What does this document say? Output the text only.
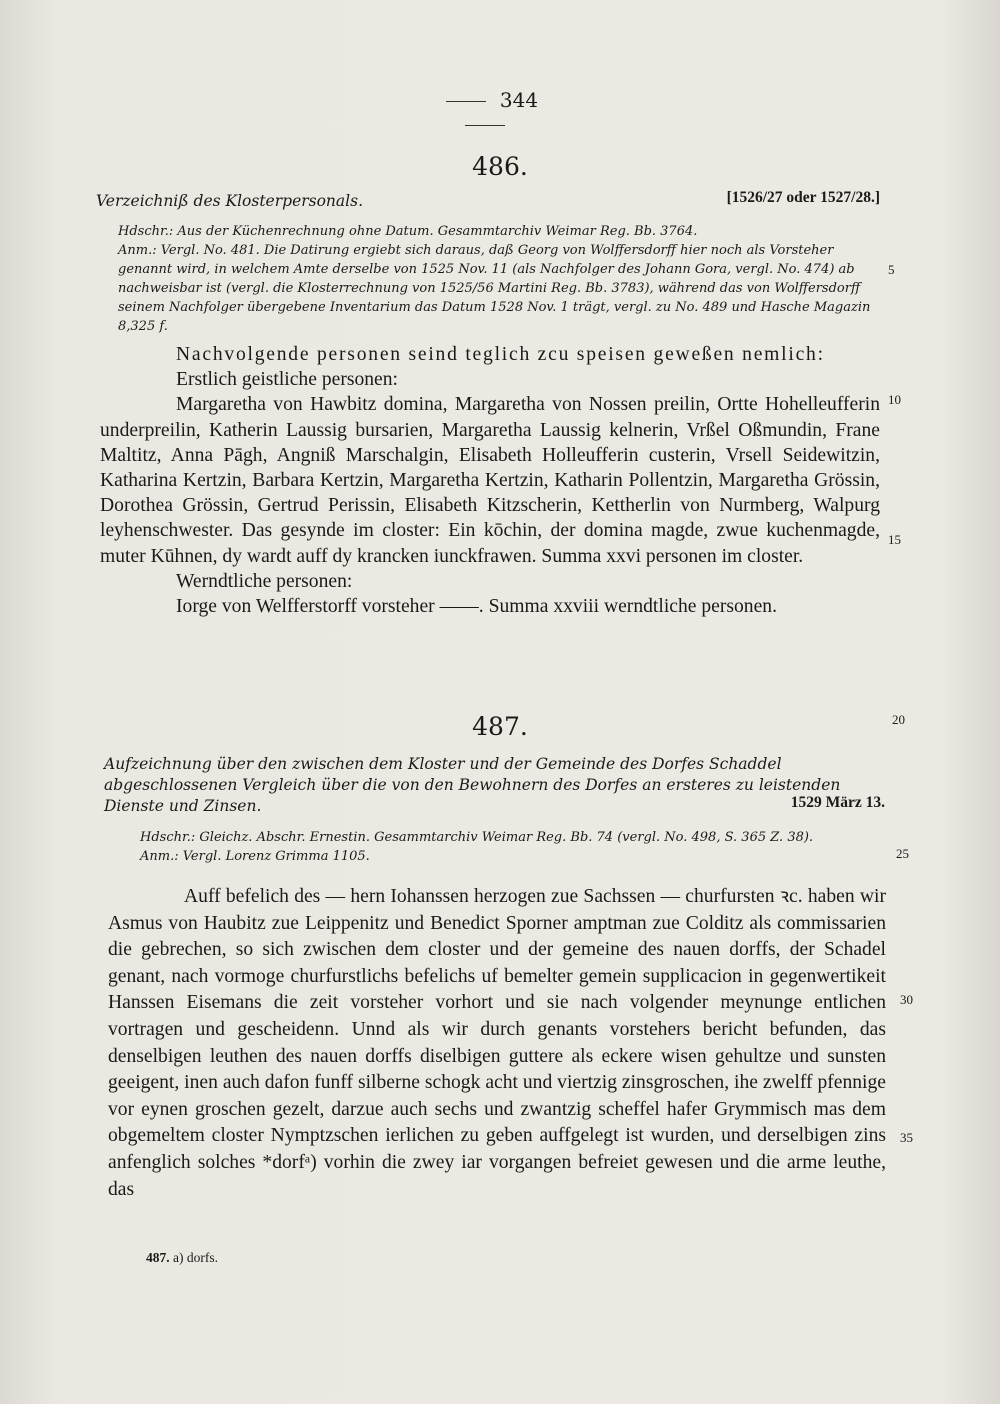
344
486.
Verzeichniß des Klosterpersonals.	[1526/27 oder 1527/28.]

Hdschr.: Aus der Küchenrechnung ohne Datum. Gesammtarchiv Weimar Reg. Bb. 3764.

Anm.: Vergl. No. 481. Die Datirung ergiebt sich daraus, daß Georg von Wolffersdorff hier noch als Vorsteher genannt wird, in welchem Amte derselbe von 1525 Nov. 11 (als Nachfolger des Johann Gora, vergl. No. 474) ab nachweisbar ist (vergl. die Klosterrechnung von 1525/56 Martini Reg. Bb. 3783), während das von Wolffersdorff seinem Nachfolger übergebene Inventarium das Datum 1528 Nov. 1 trägt, vergl. zu No. 489 und Hasche Magazin 8,325 f.

Nachvolgende personen seind teglich zcu speisen geweßen nemlich:

Erstlich geistliche personen:

Margaretha von Hawbitz domina, Margaretha von Nossen preilin, Ortte Hohelleufferin underpreilin, Katherin Laussig bursarien, Margaretha Laussig kelnerin, Vrßel Oßmundin, Frane Maltitz, Anna Pāgh, Angniß Marschalgin, Elisabeth Holleufferin custerin, Vrsell Seidewitzin, Katharina Kertzin, Barbara Kertzin, Margaretha Kertzin, Katharin Pollentzin, Margaretha Grössin, Dorothea Grössin, Gertrud Perissin, Elisabeth Kitzscherin, Kettherlin von Nurmberg, Walpurg leyhenschwester. Das gesynde im closter: Ein kōchin, der domina magde, zwue kuchenmagde, muter Kūhnen, dy wardt auff dy krancken iunckfrawen. Summa xxvi personen im closter.

Werndtliche personen:

Iorge von Welfferstorff vorsteher ——. Summa xxviii werndtliche personen.

487.
Aufzeichnung über den zwischen dem Kloster und der Gemeinde des Dorfes Schaddel abgeschlossenen Vergleich über die von den Bewohnern des Dorfes an ersteres zu leistenden Dienste und Zinsen.	1529 März 13.

Hdschr.: Gleichz. Abschr. Ernestin. Gesammtarchiv Weimar Reg. Bb. 74 (vergl. No. 498, S. 365 Z. 38).

Anm.: Vergl. Lorenz Grimma 1105.

Auff befelich des — hern Iohanssen herzogen zue Sachssen — churfursten ꝛc. haben wir Asmus von Haubitz zue Leippenitz und Benedict Sporner amptman zue Colditz als commissarien die gebrechen, so sich zwischen dem closter und der gemeine des nauen dorffs, der Schadel genant, nach vormoge churfurstlichs befelichs uf bemelter gemein supplicacion in gegenwertikeit Hanssen Eisemans die zeit vorsteher vorhort und sie nach volgender meynunge entlichen vortragen und gescheidenn. Unnd als wir durch genants vorstehers bericht befunden, das denselbigen leuthen des nauen dorffs diselbigen guttere als eckere wisen gehultze und sunsten geeigent, inen auch dafon funff silberne schogk acht und viertzig zinsgroschen, ihe zwelff pfennige vor eynen groschen gezelt, darzue auch sechs und zwantzig scheffel hafer Grymmisch mas dem obgemeltem closter Nymptzschen ierlichen zu geben auffgelegt ist wurden, und derselbigen zins anfenglich solches *dorfᵃ) vorhin die zwey iar vorgangen befreiet gewesen und die arme leuthe, das

5
10
15
20
25
30
35
487. a) dorfs.
